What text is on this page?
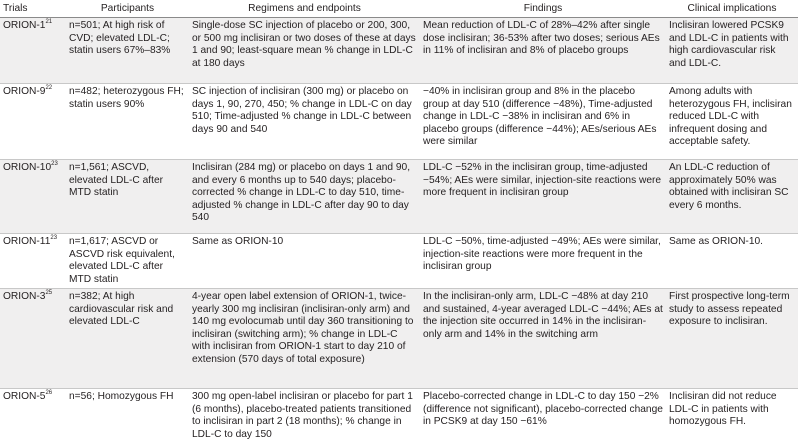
Trials	Participants	Regimens and endpoints	Findings	Clinical implications
ORION-$1^{21}$	n=501; At high risk of CVD; elevated LDL-C; statin users 67%–83%	Single-dose SC injection of placebo or 200, 300, or 500 mg inclisiran or two doses of these at days 1 and 90; least-square mean % change in LDL-C at 180 days	Mean reduction of LDL-C of 28%–42% after single dose inclisiran; 36-53% after two doses; serious AEs in 11% of inclisiran and 8% of placebo groups	Inclisiran lowered PCSK9 and LDL-C in patients with high cardiovascular risk and LDL-C.
ORION-$9^{22}$	n=482; heterozygous FH; statin users 90%	SC injection of inclisiran (300 mg) or placebo on days 1, 90, 270, 450; % change in LDL-C on day 510; Time-adjusted % change in LDL-C between days 90 and 540	−40% in inclisiran group and 8% in the placebo group at day 510 (difference −48%), Time-adjusted change in LDL-C −38% in inclisiran and 6% in placebo groups (difference −44%); AEs/serious AEs were similar	Among adults with heterozygous FH, inclisiran reduced LDL-C with infrequent dosing and acceptable safety.
ORION-$10^{23}$	n=1,561; ASCVD, elevated LDL-C after MTD statin	Inclisiran (284 mg) or placebo on days 1 and 90, and every 6 months up to 540 days; placebo-corrected % change in LDL-C to day 510, time-adjusted % change in LDL-C after day 90 to day 540	LDL-C −52% in the inclisiran group, time-adjusted −54%; AEs were similar, injection-site reactions were more frequent in inclisiran group	An LDL-C reduction of approximately 50% was obtained with inclisiran SC every 6 months.
ORION-$11^{23}$	n=1,617; ASCVD or ASCVD risk equivalent, elevated LDL-C after MTD statin	Same as ORION-10	LDL-C −50%, time-adjusted −49%; AEs were similar, injection-site reactions were more frequent in the inclisiran group	Same as ORION-10.
ORION-$3^{25}$	n=382; At high cardiovascular risk and elevated LDL-C	4-year open label extension of ORION-1, twice-yearly 300 mg inclisiran (inclisiran-only arm) and 140 mg evolocumab until day 360 transitioning to inclisiran (switching arm); % change in LDL-C with inclisiran from ORION-1 start to day 210 of extension (570 days of total exposure)	In the inclisiran-only arm, LDL-C −48% at day 210 and sustained, 4-year averaged LDL-C −44%; AEs at the injection site occurred in 14% in the inclisiran-only arm and 14% in the switching arm	First prospective long-term study to assess repeated exposure to inclisiran.
ORION-$5^{26}$	n=56; Homozygous FH	300 mg open-label inclisiran or placebo for part 1 (6 months), placebo-treated patients transitioned to inclisiran in part 2 (18 months); % change in LDL-C to day 150	Placebo-corrected change in LDL-C to day 150 −2% (difference not significant), placebo-corrected change in PCSK9 at day 150 −61%	Inclisiran did not reduce LDL-C in patients with homozygous FH.
